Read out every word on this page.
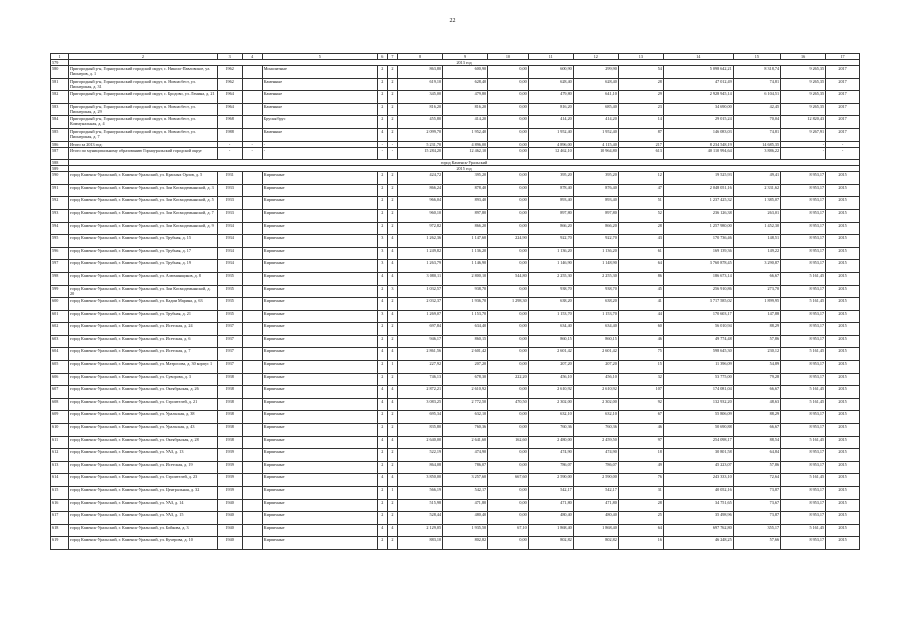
22
1	2	3	4	5	6	7	8	9	10	11	12	13	14	15	16	17
579	2013 год															
580	Пригородный р-н, Горноуральский городской округ, с. Николо-Павловское, ул. Пионеров, д. 1	1962		Монолитные	2	2	863,80	600,90	0,00	600,90	299,90	54	5 098 642,21	8 318,74	9 265,35	2017
581	Пригородный р-н, Горноуральский городской округ, п. Новоасбест, ул. Пионерская, д. 31	1962		Каменные	2	2	619,10	628,40	0,00	628,40	628,40	28	47 012,49	74,81	9 265,35	2017
582	Пригородный р-н, Горноуральский городской округ, с. Бродово, ул. Ленина, д. 21	1964		Каменные	2	2	345,00	479,80	0,00	479,80	641,10	29	2 928 945,14	6 104,51	9 265,35	2017
583	Пригородный р-н, Горноуральский городской округ, п. Новоасбест, ул. Пионерская, д. 29	1964		Каменные	2	2	816,20	816,20	0,00	816,20	685,40	23	34 690,00	42,45	9 265,35	2017
584	Пригородный р-н, Горноуральский городской округ, п. Новоасбест, ул. Коммунальная, д. 4	1968		Брускя/брус	2	2	455,80	414,20	0,00	414,20	414,20	14	29 015,24	70,04	12 820,43	2017
585	Пригородный р-н, Горноуральский городской округ, п. Новоасбест, ул. Пионерская, д. 7	1988		Каменные	4	2	2 099,70	1 952,40	0,00	1 952,40	1 952,40	87	146 083,03	74,81	9 267,91	2017
586	Итого за 2013 год:	-	-	-	-	-	5 231,70	4 896,00	0,00	4 896,00	4 115,40	217	8 234 548,19	14 685,35	-	-
587	Итого по муниципальному образованию Горноуральский городской округ	-	-	-	-	-	15 284,20	12 462,10	0,00	12 462,10	10 964,80	613	40 110 994,64	3 886,22	-	-
588	город Каменск-Уральский															
589	2015 год															
590	город Каменск-Уральский, г. Каменск-Уральский, ул. Красных Орлов, д. 5	1931		Кирпичные	2	2	424,72	395,20	0,00	395,20	395,20	12	19 525,93	49,41	8 953,17	2015
591	город Каменск-Уральский, г. Каменск-Уральский, ул. Зои Космодемьянской, д. 3	1933		Кирпичные	2	2	866,24	878,40	0,00	878,40	876,40	47	2 048 051,16	2 331,62	8 953,17	2015
592	город Каменск-Уральский, г. Каменск-Уральский, ул. Зои Космодемьянской, д. 5	1933		Кирпичные	2	2	966,04	893,40	0,00	893,40	893,40	51	1 237 425,32	1 385,07	8 953,17	2015
593	город Каменск-Уральский, г. Каменск-Уральский, ул. Зои Космодемьянской, д. 7	1933		Кирпичные	2	2	960,10	897,80	0,00	897,80	897,80	52	236 126,38	263,01	8 953,17	2015
594	город Каменск-Уральский, г. Каменск-Уральский, ул. Зои Космодемьянской, д. 9	1934		Кирпичные	2	2	972,82	866,20	0,00	866,20	866,20	28	1 257 980,00	1 452,30	8 953,17	2015
595	город Каменск-Уральский, г. Каменск-Уральский, ул. Трубная, д. 15	1934		Кирпичные	3	4	1 262,36	1 147,60	224,90	922,70	922,70	43	170 736,46	148,51	8 953,17	2015
596	город Каменск-Уральский, г. Каменск-Уральский, ул. Трубная, д. 17	1934		Кирпичные	3	4	1 249,82	1 136,20	0,00	1 136,20	1 136,20	61	169 139,36	149,22	8 953,17	2015
597	город Каменск-Уральский, г. Каменск-Уральский, ул. Трубная, д. 19	1934		Кирпичные	3	4	1 263,79	1 146,90	0,00	1 146,90	1 148,90	64	3 760 878,45	3 290,87	8 953,17	2015
598	город Каменск-Уральский, г. Каменск-Уральский, ул. Алюминщиков, д. 8	1935		Кирпичные	4	4	3 080,11	2 800,10	544,80	2 255,30	2 255,30	86	186 673,14	66,67	5 161,45	2015
599	город Каменск-Уральский, г. Каменск-Уральский, ул. Зои Космодемьянской, д. 20	1935		Кирпичные	2	3	1 032,57	938,70	0,00	938,70	938,70	45	256 910,86	273,70	8 953,17	2015
600	город Каменск-Уральский, г. Каменск-Уральский, ул. Кадии Марина, д. 63	1935		Кирпичные	4	2	2 032,37	1 936,70	1 298,30	638,20	638,20	41	3 717 585,02	1 899,95	5 161,45	2015
601	город Каменск-Уральский, г. Каменск-Уральский, ул. Трубная, д. 21	1935		Кирпичные	3	4	1 269,07	1 153,70	0,00	1 153,70	1 153,70	44	170 603,17	147,88	8 953,17	2015
602	город Каменск-Уральский, г. Каменск-Уральский, ул. Исетская, д. 24	1937		Кирпичные	2	2	697,84	634,40	0,00	634,40	634,40	60	56 010,94	88,29	8 953,17	2015
603	город Каменск-Уральский, г. Каменск-Уральский, ул. Исетская, д. 6	1937		Кирпичные	2	2	946,17	860,15	0,00	860,15	860,15	46	49 774,48	57,86	8 953,17	2015
604	город Каменск-Уральский, г. Каменск-Уральский, ул. Исетская, д. 7	1937		Кирпичные	4	4	2 861,56	2 601,42	0,00	2 601,42	2 601,42	75	598 645,30	230,12	5 161,45	2015
605	город Каменск-Уральский, г. Каменск-Уральский, ул. Матросова, д. 30 корпус 1	1937		Кирпичные	2	1	227,92	207,20	0,00	207,20	207,20	15	11 396,09	54,89	8 953,17	2015
606	город Каменск-Уральский, г. Каменск-Уральский, ул. Суворова, д. 3	1938		Кирпичные	2	2	746,13	678,30	222,20	456,10	456,10	32	53 775,00	79,28	8 953,17	2015
607	город Каменск-Уральский, г. Каменск-Уральский, ул. Октябрьская, д. 26	1938		Кирпичные	4	4	2 872,21	2 610,92	0,00	2 610,92	2 610,92	107	174 081,04	66,67	5 161,45	2015
608	город Каменск-Уральский, г. Каменск-Уральский, ул. Строителей, д. 21	1938		Кирпичные	4	4	3 083,25	2 772,50	470,50	2 302,00	2 302,00	92	132 932,20	48,63	5 161,45	2015
609	город Каменск-Уральский, г. Каменск-Уральский, ул. Уральская, д. 38	1938		Кирпичные	2	2	695,34	632,10	0,00	632,10	632,10	67	55 806,09	88,29	8 953,17	2015
610	город Каменск-Уральский, г. Каменск-Уральский, ул. Уральская, д. 43	1938		Кирпичные	2	2	835,80	760,36	0,00	760,36	760,36	46	50 690,88	66,67	8 953,17	2015
611	город Каменск-Уральский, г. Каменск-Уральский, ул. Октябрьская, д. 28	1938		Кирпичные	4	4	2 640,00	2 641,60	162,60	2 480,00	2 459,50	97	254 098,17	88,54	5 161,45	2015
612	город Каменск-Уральский, г. Каменск-Уральский, ул. УАЗ, д. 13	1939		Кирпичные	2	2	522,19	474,90	0,00	474,90	474,90	18	30 801,58	64,84	8 953,17	2015
613	город Каменск-Уральский, г. Каменск-Уральский, ул. Исетская, д. 19	1939		Кирпичные	2	2	864,08	786,07	0,00	786,07	786,07	49	45 223,07	57,86	8 953,17	2015
614	город Каменск-Уральский, г. Каменск-Уральский, ул. Строителей, д. 23	1939		Кирпичные	4	4	3 850,00	3 257,60	667,60	2 590,00	2 590,00	76	243 333,10	72,64	5 161,45	2015
615	город Каменск-Уральский, г. Каменск-Уральский, ул. Центральная, д. 32	1939		Кирпичные	2	1	566,19	542,17	0,00	542,17	542,17	31	40 052,16	73,87	8 953,17	2015
616	город Каменск-Уральский, г. Каменск-Уральский, ул. УАЗ, д. 14	1940		Кирпичные	2	2	515,98	471,80	0,00	471,80	471,80	28	34 751,65	73,67	8 953,17	2015
617	город Каменск-Уральский, г. Каменск-Уральский, ул. УАЗ, д. 15	1940		Кирпичные	2	2	528,44	480,40	0,00	480,40	480,40	25	35 498,96	73,87	8 953,17	2015
618	город Каменск-Уральский, г. Каменск-Уральский, ул. Бойкова, д. 3	1940		Кирпичные	4	4	2 129,05	1 935,50	67,10	1 868,40	1 868,40	64	697 762,80	355,17	5 161,45	2015
619	город Каменск-Уральский, г. Каменск-Уральский, ул. Кучерова, д. 10	1940		Кирпичные	2	2	883,10	802,82	0,00	802,82	802,82	16	46 248,25	57,66	8 953,17	2015
